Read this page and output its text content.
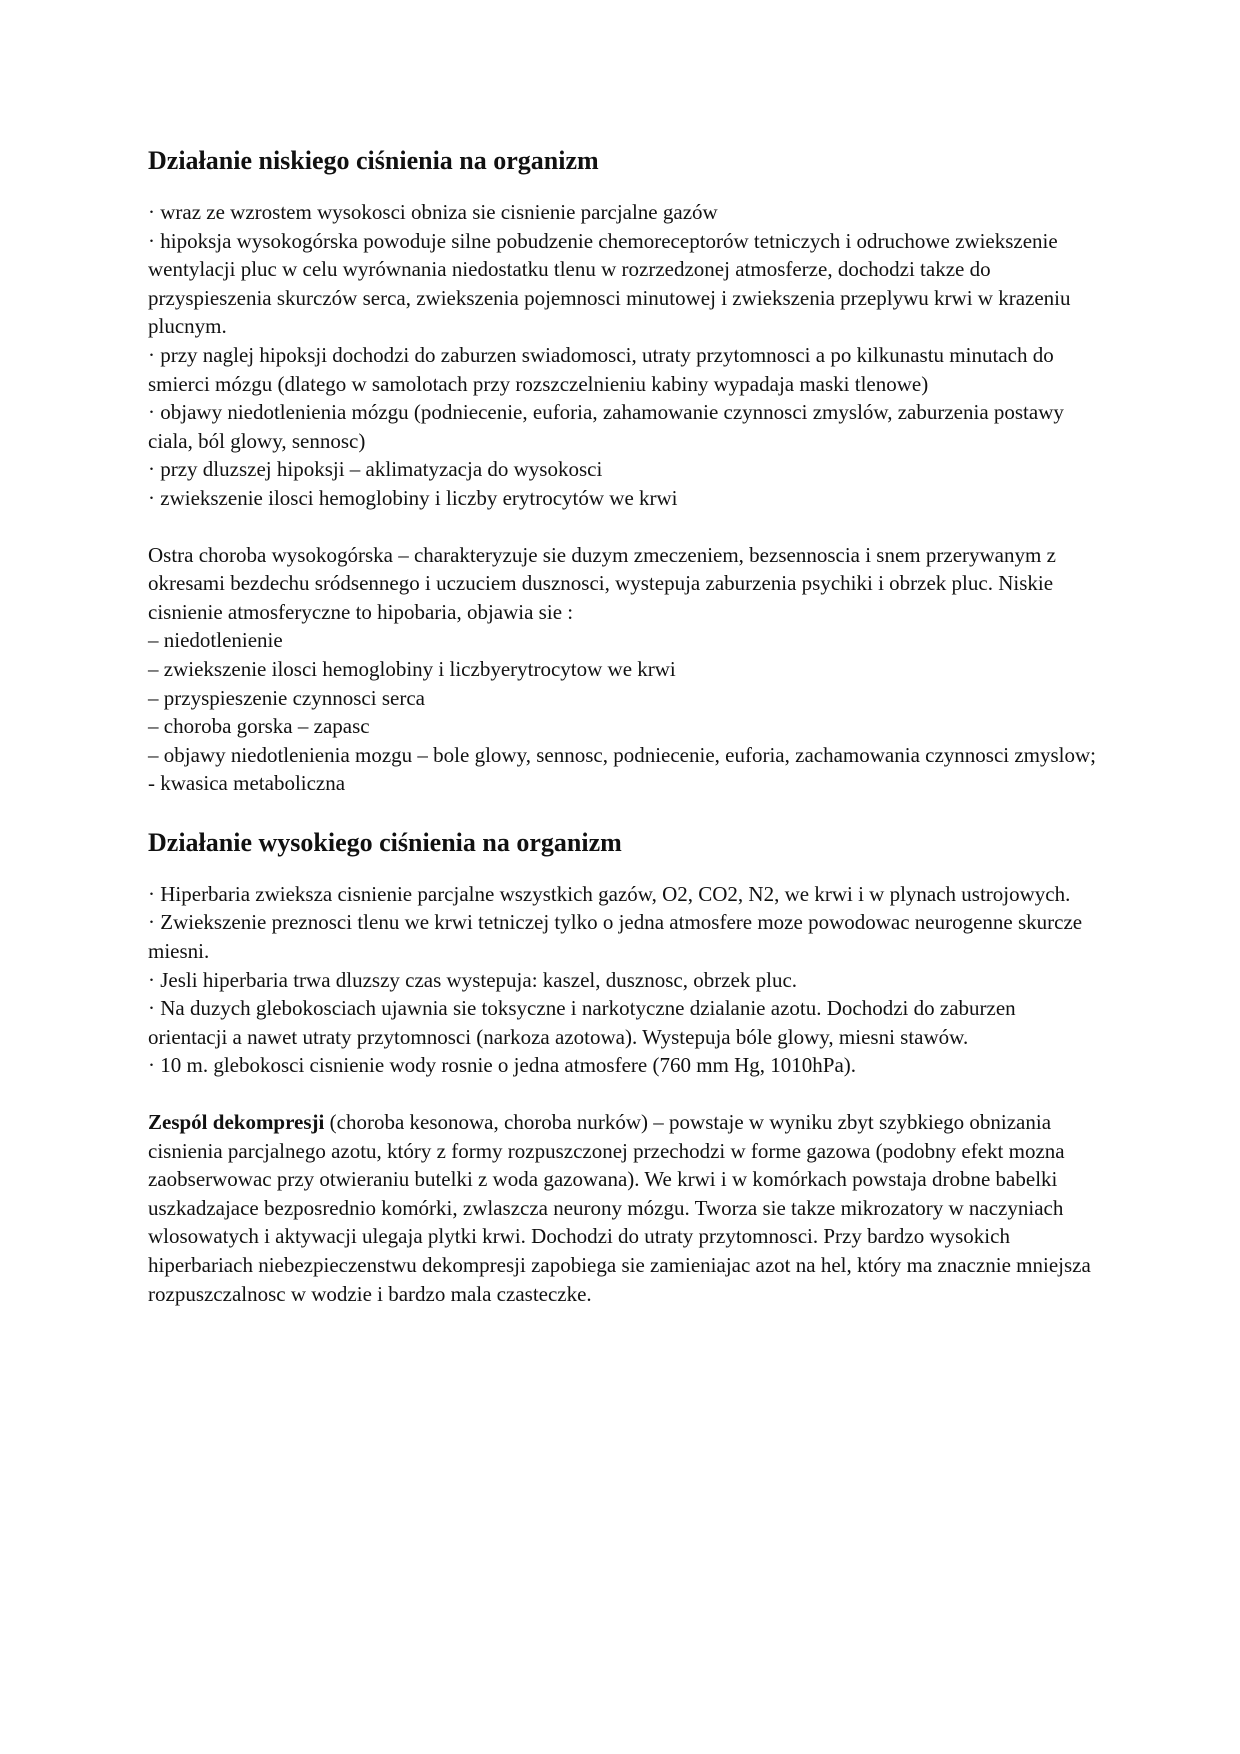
Działanie niskiego ciśnienia na organizm

· wraz ze wzrostem wysokosci obniza sie cisnienie parcjalne gazów

· hipoksja wysokogórska powoduje silne pobudzenie chemoreceptorów tetniczych i odruchowe zwiekszenie wentylacji pluc w celu wyrównania niedostatku tlenu w rozrzedzonej atmosferze, dochodzi takze do przyspieszenia skurczów serca, zwiekszenia pojemnosci minutowej i zwiekszenia przeplywu krwi w krazeniu plucnym.

· przy naglej hipoksji dochodzi do zaburzen swiadomosci, utraty przytomnosci a po kilkunastu minutach do smierci mózgu (dlatego w samolotach przy rozszczelnieniu kabiny wypadaja maski tlenowe)

· objawy niedotlenienia mózgu (podniecenie, euforia, zahamowanie czynnosci zmyslów, zaburzenia postawy ciala, ból glowy, sennosc)

· przy dluzszej hipoksji – aklimatyzacja do wysokosci

· zwiekszenie ilosci hemoglobiny i liczby erytrocytów we krwi

Ostra choroba wysokogórska – charakteryzuje sie duzym zmeczeniem, bezsennoscia i snem przerywanym z okresami bezdechu sródsennego i uczuciem dusznosci, wystepuja zaburzenia psychiki i obrzek pluc. Niskie cisnienie atmosferyczne to hipobaria, objawia sie :

– niedotlenienie

– zwiekszenie ilosci hemoglobiny i liczbyerytrocytow we krwi

– przyspieszenie czynnosci serca

– choroba gorska – zapasc

– objawy niedotlenienia mozgu – bole glowy, sennosc, podniecenie, euforia, zachamowania czynnosci zmyslow;

- kwasica metaboliczna

Działanie wysokiego ciśnienia na organizm

· Hiperbaria zwieksza cisnienie parcjalne wszystkich gazów, O2, CO2, N2, we krwi i w plynach ustrojowych.

· Zwiekszenie preznosci tlenu we krwi tetniczej tylko o jedna atmosfere moze powodowac neurogenne skurcze miesni.

· Jesli hiperbaria trwa dluzszy czas wystepuja: kaszel, dusznosc, obrzek pluc.

· Na duzych glebokosciach ujawnia sie toksyczne i narkotyczne dzialanie azotu. Dochodzi do zaburzen orientacji a nawet utraty przytomnosci (narkoza azotowa). Wystepuja bóle glowy, miesni stawów.

· 10 m. glebokosci cisnienie wody rosnie o jedna atmosfere (760 mm Hg, 1010hPa).

Zespól dekompresji (choroba kesonowa, choroba nurków) – powstaje w wyniku zbyt szybkiego obnizania cisnienia parcjalnego azotu, który z formy rozpuszczonej przechodzi w forme gazowa (podobny efekt mozna zaobserwowac przy otwieraniu butelki z woda gazowana). We krwi i w komórkach powstaja drobne babelki uszkadzajace bezposrednio komórki, zwlaszcza neurony mózgu. Tworza sie takze mikrozatory w naczyniach wlosowatych i aktywacji ulegaja plytki krwi. Dochodzi do utraty przytomnosci. Przy bardzo wysokich hiperbariach niebezpieczenstwu dekompresji zapobiega sie zamieniajac azot na hel, który ma znacznie mniejsza rozpuszczalnosc w wodzie i bardzo mala czasteczke.
